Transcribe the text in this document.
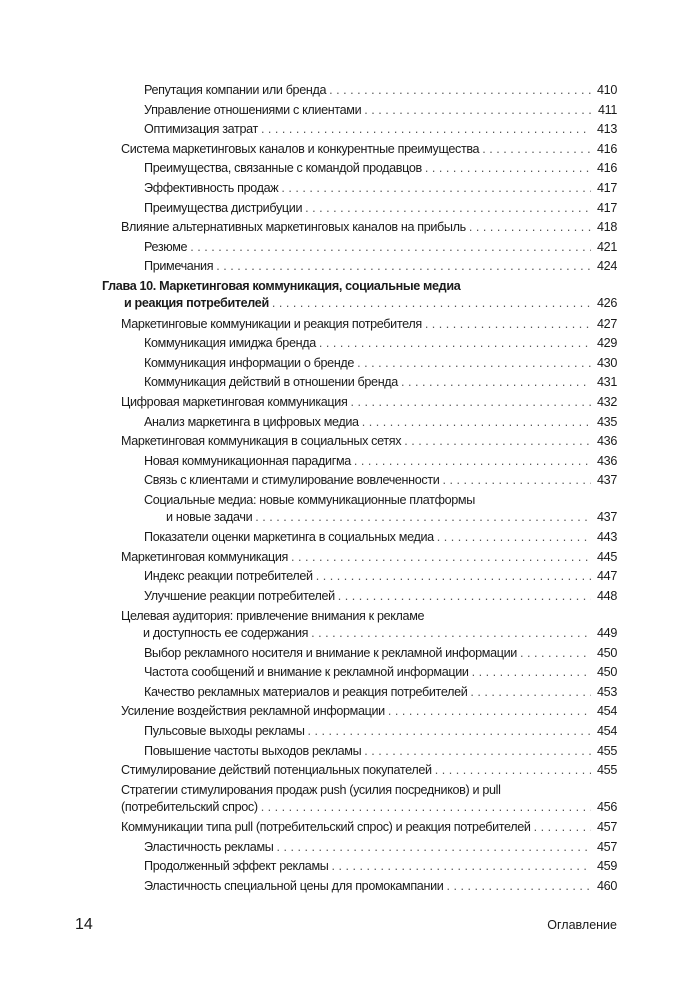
Репутация компании или бренда . . .	410
Управление отношениями с клиентами . . .	411
Оптимизация затрат . . .	413
Система маркетинговых каналов и конкурентные преимущества . . .	416
Преимущества, связанные с командой продавцов . . .	416
Эффективность продаж . . .	417
Преимущества дистрибуции . . .	417
Влияние альтернативных маркетинговых каналов на прибыль . . .	418
Резюме . . .	421
Примечания . . .	424
Глава 10. Маркетинговая коммуникация, социальные медиа
и реакция потребителей . . .	426
Маркетинговые коммуникации и реакция потребителя . . .	427
Коммуникация имиджа бренда . . .	429
Коммуникация информации о бренде . . .	430
Коммуникация действий в отношении бренда . . .	431
Цифровая маркетинговая коммуникация . . .	432
Анализ маркетинга в цифровых медиа . . .	435
Маркетинговая коммуникация в социальных сетях . . .	436
Новая коммуникационная парадигма . . .	436
Связь с клиентами и стимулирование вовлеченности . . .	437
Социальные медиа: новые коммуникационные платформы
и новые задачи . . .	437
Показатели оценки маркетинга в социальных медиа . . .	443
Маркетинговая коммуникация . . .	445
Индекс реакции потребителей . . .	447
Улучшение реакции потребителей . . .	448
Целевая аудитория: привлечение внимания к рекламе
и доступность ее содержания . . .	449
Выбор рекламного носителя и внимание к рекламной информации . . .	450
Частота сообщений и внимание к рекламной информации . . .	450
Качество рекламных материалов и реакция потребителей . . .	453
Усиление воздействия рекламной информации . . .	454
Пульсовые выходы рекламы . . .	454
Повышение частоты выходов рекламы . . .	455
Стимулирование действий потенциальных покупателей . . .	455
Стратегии стимулирования продаж push (усилия посредников) и pull
(потребительский спрос) . . .	456
Коммуникации типа pull (потребительский спрос) и реакция потребителей . . .	457
Эластичность рекламы . . .	457
Продолженный эффект рекламы . . .	459
Эластичность специальной цены для промокампании . . .	460
14	Оглавление
